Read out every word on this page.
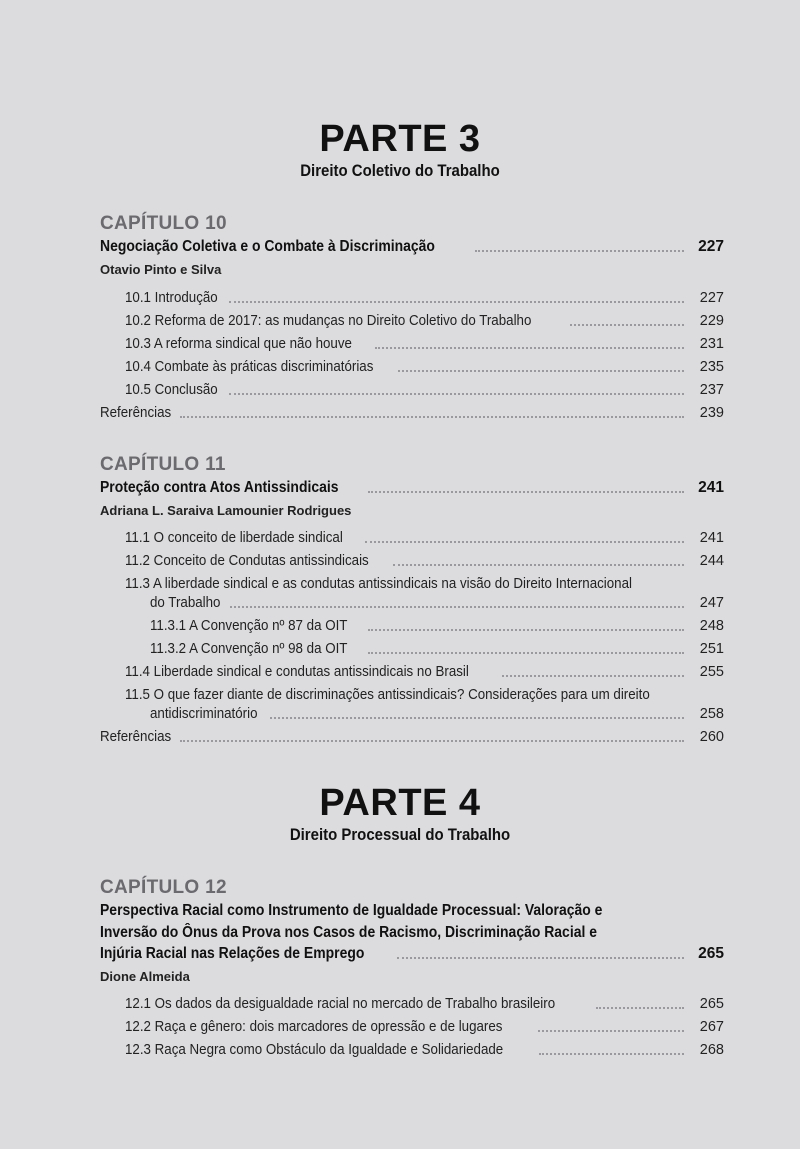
PARTE 3
Direito Coletivo do Trabalho
CAPÍTULO 10
Negociação Coletiva e o Combate à Discriminação	227
Otavio Pinto e Silva
10.1 Introdução	227
10.2 Reforma de 2017: as mudanças no Direito Coletivo do Trabalho	229
10.3 A reforma sindical que não houve	231
10.4 Combate às práticas discriminatórias	235
10.5 Conclusão	237
Referências	239
CAPÍTULO 11
Proteção contra Atos Antissindicais	241
Adriana L. Saraiva Lamounier Rodrigues
11.1 O conceito de liberdade sindical	241
11.2 Conceito de Condutas antissindicais	244
11.3 A liberdade sindical e as condutas antissindicais na visão do Direito Internacional
do Trabalho	247
11.3.1 A Convenção nº 87 da OIT	248
11.3.2 A Convenção nº 98 da OIT	251
11.4 Liberdade sindical e condutas antissindicais no Brasil	255
11.5 O que fazer diante de discriminações antissindicais? Considerações para um direito
antidiscriminatório	258
Referências	260
PARTE 4
Direito Processual do Trabalho
CAPÍTULO 12
Perspectiva Racial como Instrumento de Igualdade Processual: Valoração e
Inversão do Ônus da Prova nos Casos de Racismo, Discriminação Racial e
Injúria Racial nas Relações de Emprego	265
Dione Almeida
12.1 Os dados da desigualdade racial no mercado de Trabalho brasileiro	265
12.2 Raça e gênero: dois marcadores de opressão e de lugares	267
12.3 Raça Negra como Obstáculo da Igualdade e Solidariedade	268
